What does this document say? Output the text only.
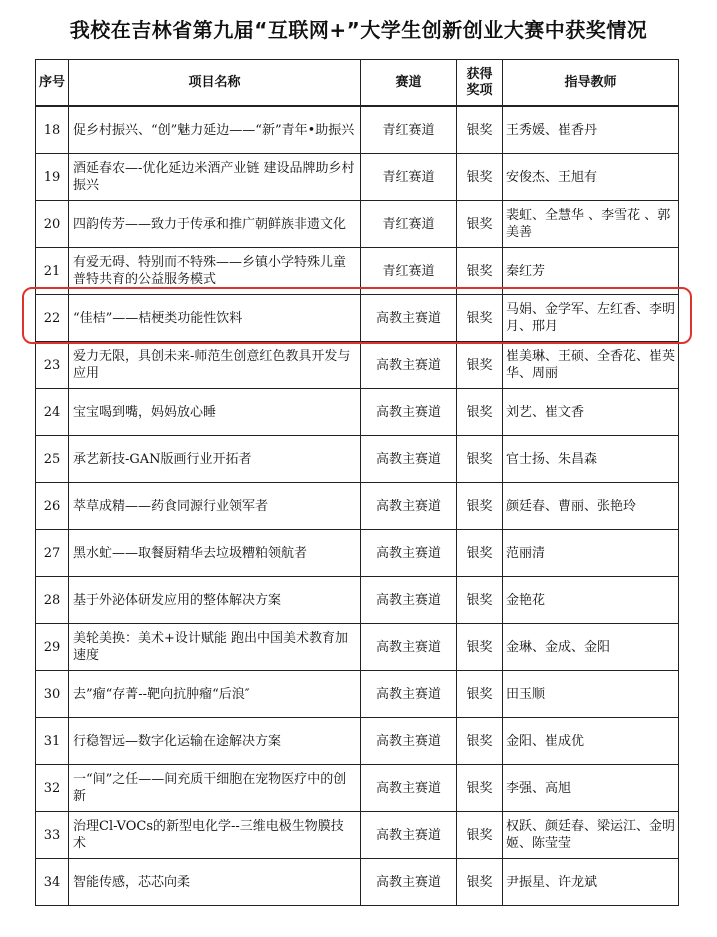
我校在吉林省第九届“互联网+”大学生创新创业大赛中获奖情况
序号	项目名称	赛道	获得奖项	指导教师
18	促乡村振兴、“创”魅力延边——“新”青年•助振兴	青红赛道	银奖	王秀媛、崔香丹
19	酒延春农—-优化延边米酒产业链 建设品牌助乡村振兴	青红赛道	银奖	安俊杰、王旭有
20	四韵传芳——致力于传承和推广朝鲜族非遗文化	青红赛道	银奖	裴虹、全慧华 、李雪花 、郭美善
21	有爱无碍、特别而不特殊——乡镇小学特殊儿童普特共育的公益服务模式	青红赛道	银奖	秦红芳
22	“佳桔”——桔梗类功能性饮料	高教主赛道	银奖	马娟、金学军、左红香、李明月、邢月
23	爱力无限，具创未来-师范生创意红色教具开发与应用	高教主赛道	银奖	崔美琳、王硕、全香花、崔英华、周丽
24	宝宝喝到嘴，妈妈放心睡	高教主赛道	银奖	刘艺、崔文香
25	承艺新技-GAN版画行业开拓者	高教主赛道	银奖	官士扬、朱昌森
26	萃草成精——药食同源行业领军者	高教主赛道	银奖	颜廷春、曹丽、张艳玲
27	黑水虻——取餐厨精华去垃圾糟粕领航者	高教主赛道	银奖	范丽清
28	基于外泌体研发应用的整体解决方案	高教主赛道	银奖	金艳花
29	美轮美换：美术+设计赋能 跑出中国美术教育加速度	高教主赛道	银奖	金琳、金成、金阳
30	去”瘤“存菁--靶向抗肿瘤“后浪″	高教主赛道	银奖	田玉顺
31	行稳智远—数字化运输在途解决方案	高教主赛道	银奖	金阳、崔成优
32	一“间”之任——间充质干细胞在宠物医疗中的创新	高教主赛道	银奖	李强、高旭
33	治理Cl-VOCs的新型电化学--三维电极生物膜技术	高教主赛道	银奖	权跃、颜廷春、梁运江、金明姬、陈莹莹
34	智能传感，芯芯向柔	高教主赛道	银奖	尹振星、许龙斌
